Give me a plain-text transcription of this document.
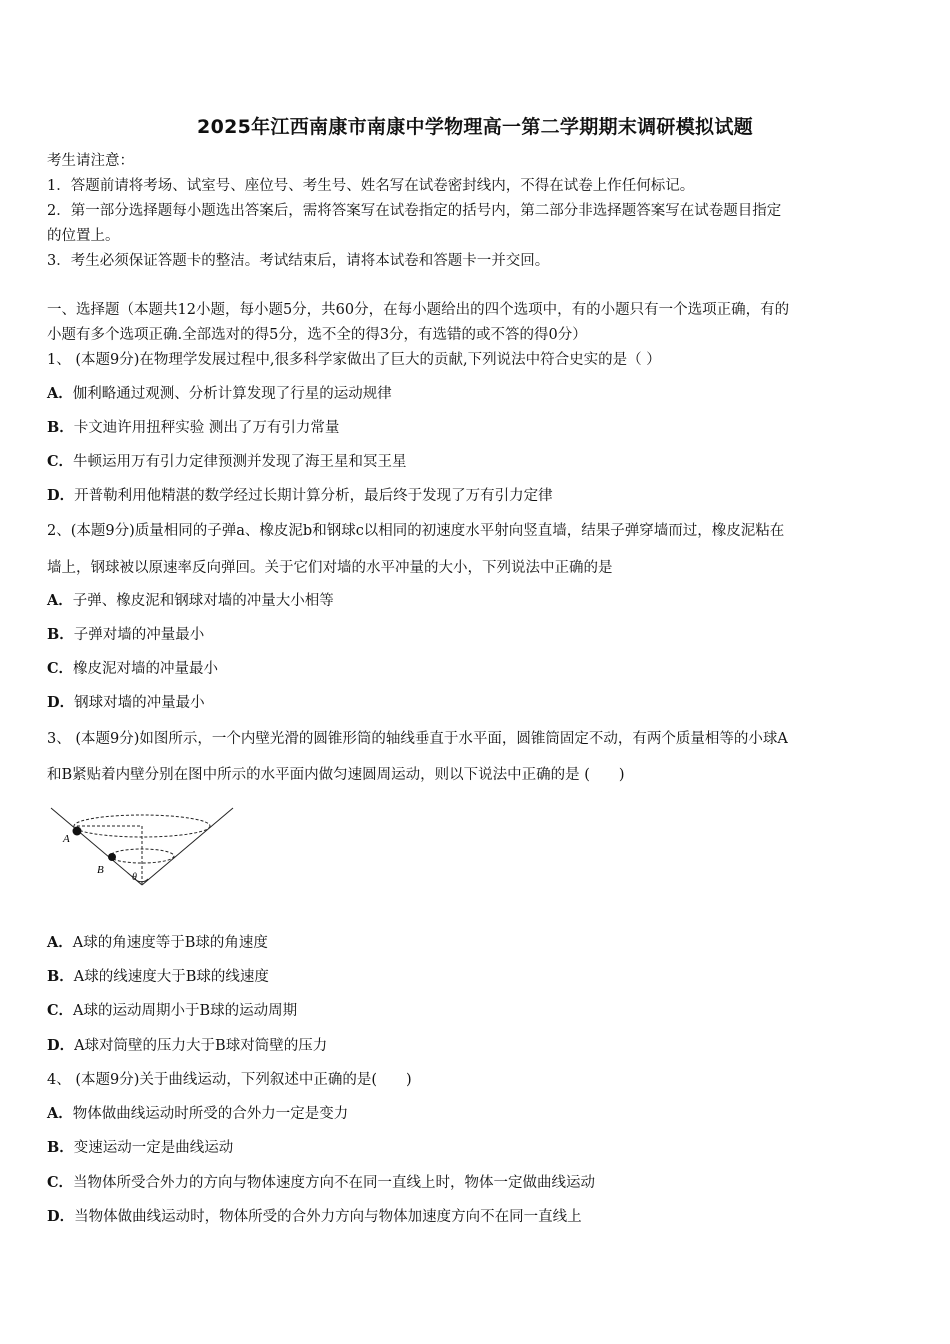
2025年江西南康市南康中学物理高一第二学期期末调研模拟试题
考生请注意：
1．答题前请将考场、试室号、座位号、考生号、姓名写在试卷密封线内，不得在试卷上作任何标记。
2．第一部分选择题每小题选出答案后，需将答案写在试卷指定的括号内，第二部分非选择题答案写在试卷题目指定
的位置上。
3．考生必须保证答题卡的整洁。考试结束后，请将本试卷和答题卡一并交回。
一、选择题（本题共12小题，每小题5分，共60分，在每小题给出的四个选项中，有的小题只有一个选项正确，有的
小题有多个选项正确.全部选对的得5分，选不全的得3分，有选错的或不答的得0分）
1、 (本题9分)在物理学发展过程中,很多科学家做出了巨大的贡献,下列说法中符合史实的是（ ）
A．伽利略通过观测、分析计算发现了行星的运动规律
B．卡文迪许用扭秤实验 测出了万有引力常量
C．牛顿运用万有引力定律预测并发现了海王星和冥王星
D．开普勒利用他精湛的数学经过长期计算分析，最后终于发现了万有引力定律
2、(本题9分)质量相同的子弹a、橡皮泥b和钢球c以相同的初速度水平射向竖直墙，结果子弹穿墙而过，橡皮泥粘在
墙上，钢球被以原速率反向弹回。关于它们对墙的水平冲量的大小，下列说法中正确的是
A．子弹、橡皮泥和钢球对墙的冲量大小相等
B．子弹对墙的冲量最小
C．橡皮泥对墙的冲量最小
D．钢球对墙的冲量最小
3、 (本题9分)如图所示，一个内壁光滑的圆锥形筒的轴线垂直于水平面，圆锥筒固定不动，有两个质量相等的小球A
和B紧贴着内壁分别在图中所示的水平面内做匀速圆周运动，则以下说法中正确的是 (　　)
A
B
θ
A．A球的角速度等于B球的角速度
B．A球的线速度大于B球的线速度
C．A球的运动周期小于B球的运动周期
D．A球对筒壁的压力大于B球对筒壁的压力
4、 (本题9分)关于曲线运动，下列叙述中正确的是(　　)
A．物体做曲线运动时所受的合外力一定是变力
B．变速运动一定是曲线运动
C．当物体所受合外力的方向与物体速度方向不在同一直线上时，物体一定做曲线运动
D．当物体做曲线运动时，物体所受的合外力方向与物体加速度方向不在同一直线上
